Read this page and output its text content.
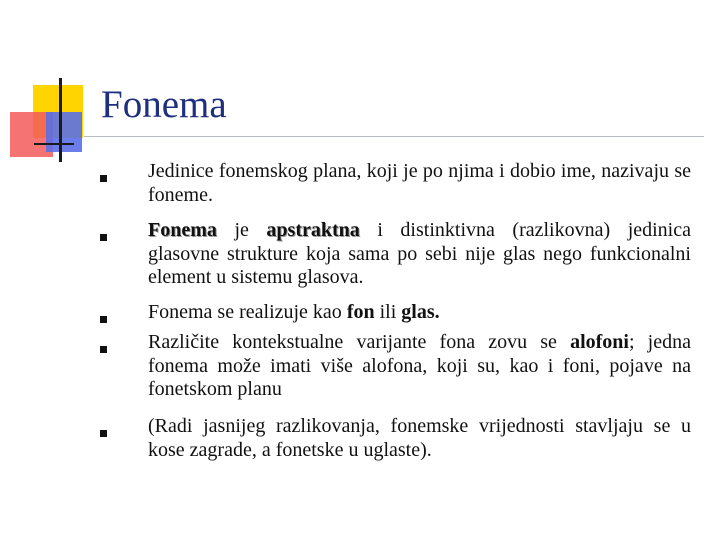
Fonema

Jedinice fonemskog plana, koji je po njima i dobio ime, nazivaju se foneme.

Fonema je apstraktna i distinktivna (razlikovna) jedinica glasovne strukture koja sama po sebi nije glas nego funkcionalni element u sistemu glasova.

Fonema se realizuje kao fon ili glas.

Različite kontekstualne varijante fona zovu se alofoni; jedna fonema može imati više alofona, koji su, kao i foni, pojave na fonetskom planu

(Radi jasnijeg razlikovanja, fonemske vrijednosti stavljaju se u kose zagrade, a fonetske u uglaste).
